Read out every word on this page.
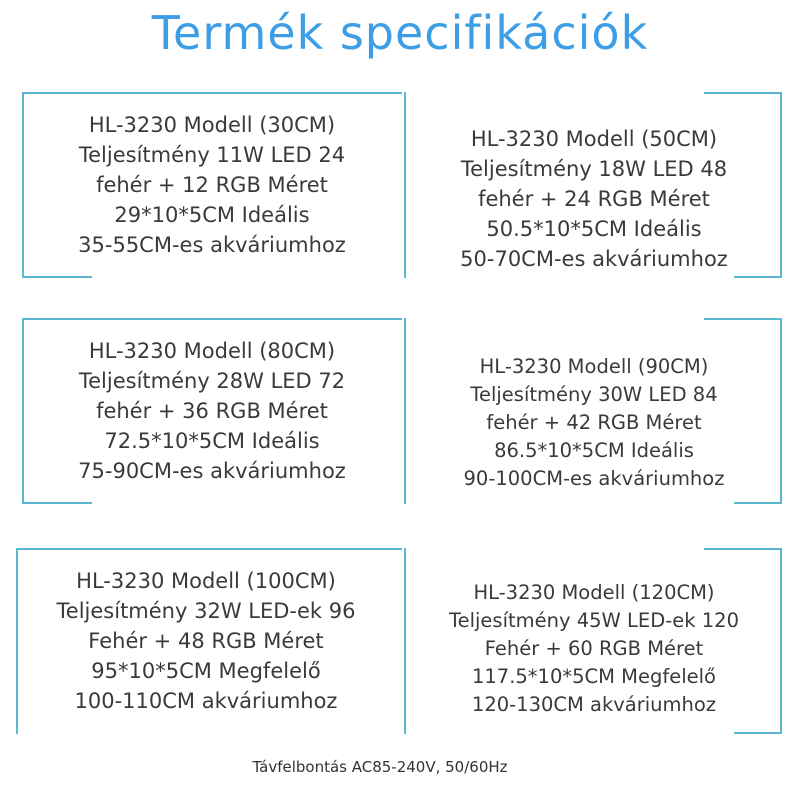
Termék specifikációk
HL-3230 Modell (30CM)
Teljesítmény 11W LED 24
fehér + 12 RGB Méret
29*10*5CM Ideális
35-55CM-es akváriumhoz
HL-3230 Modell (50CM)
Teljesítmény 18W LED 48
fehér + 24 RGB Méret
50.5*10*5CM Ideális
50-70CM-es akváriumhoz
HL-3230 Modell (80CM)
Teljesítmény 28W LED 72
fehér + 36 RGB Méret
72.5*10*5CM Ideális
75-90CM-es akváriumhoz
HL-3230 Modell (90CM)
Teljesítmény 30W LED 84
fehér + 42 RGB Méret
86.5*10*5CM Ideális
90-100CM-es akváriumhoz
HL-3230 Modell (100CM)
Teljesítmény 32W LED-ek 96
Fehér + 48 RGB Méret
95*10*5CM Megfelelő
100-110CM akváriumhoz
HL-3230 Modell (120CM)
Teljesítmény 45W LED-ek 120
Fehér + 60 RGB Méret
117.5*10*5CM Megfelelő
120-130CM akváriumhoz
Távfelbontás AC85-240V, 50/60Hz
